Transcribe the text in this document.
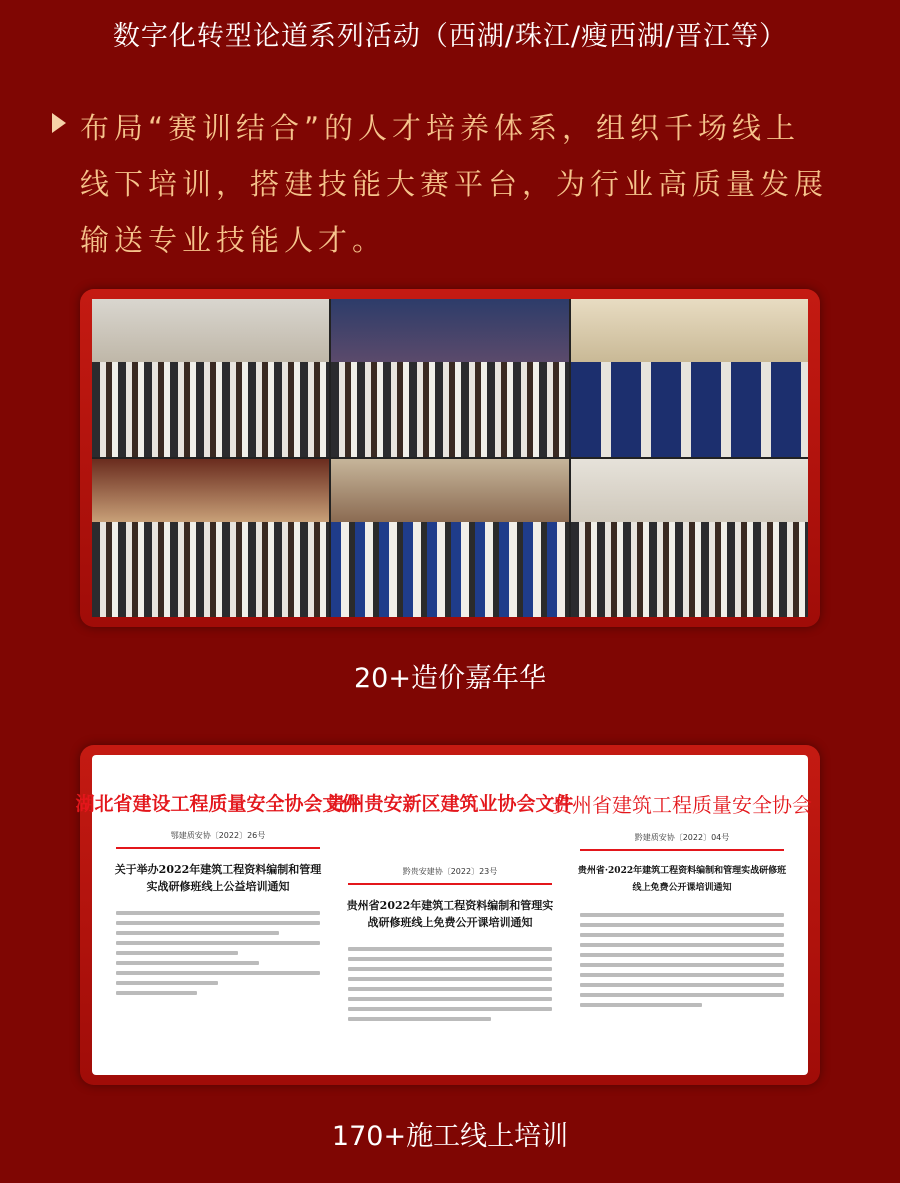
数字化转型论道系列活动（西湖/珠江/瘦西湖/晋江等）
布局“赛训结合”的人才培养体系，组织千场线上线下培训，搭建技能大赛平台，为行业高质量发展输送专业技能人才。
20+造价嘉年华
湖北省建设工程质量安全协会文件
鄂建质安协〔2022〕26号
关于举办2022年建筑工程资料编制和管理实战研修班线上公益培训通知
贵州贵安新区建筑业协会文件
黔贵安建协〔2022〕23号
贵州省2022年建筑工程资料编制和管理实战研修班线上免费公开课培训通知
贵州省建筑工程质量安全协会
黔建质安协〔2022〕04号
贵州省·2022年建筑工程资料编制和管理实战研修班线上免费公开课培训通知
170+施工线上培训
